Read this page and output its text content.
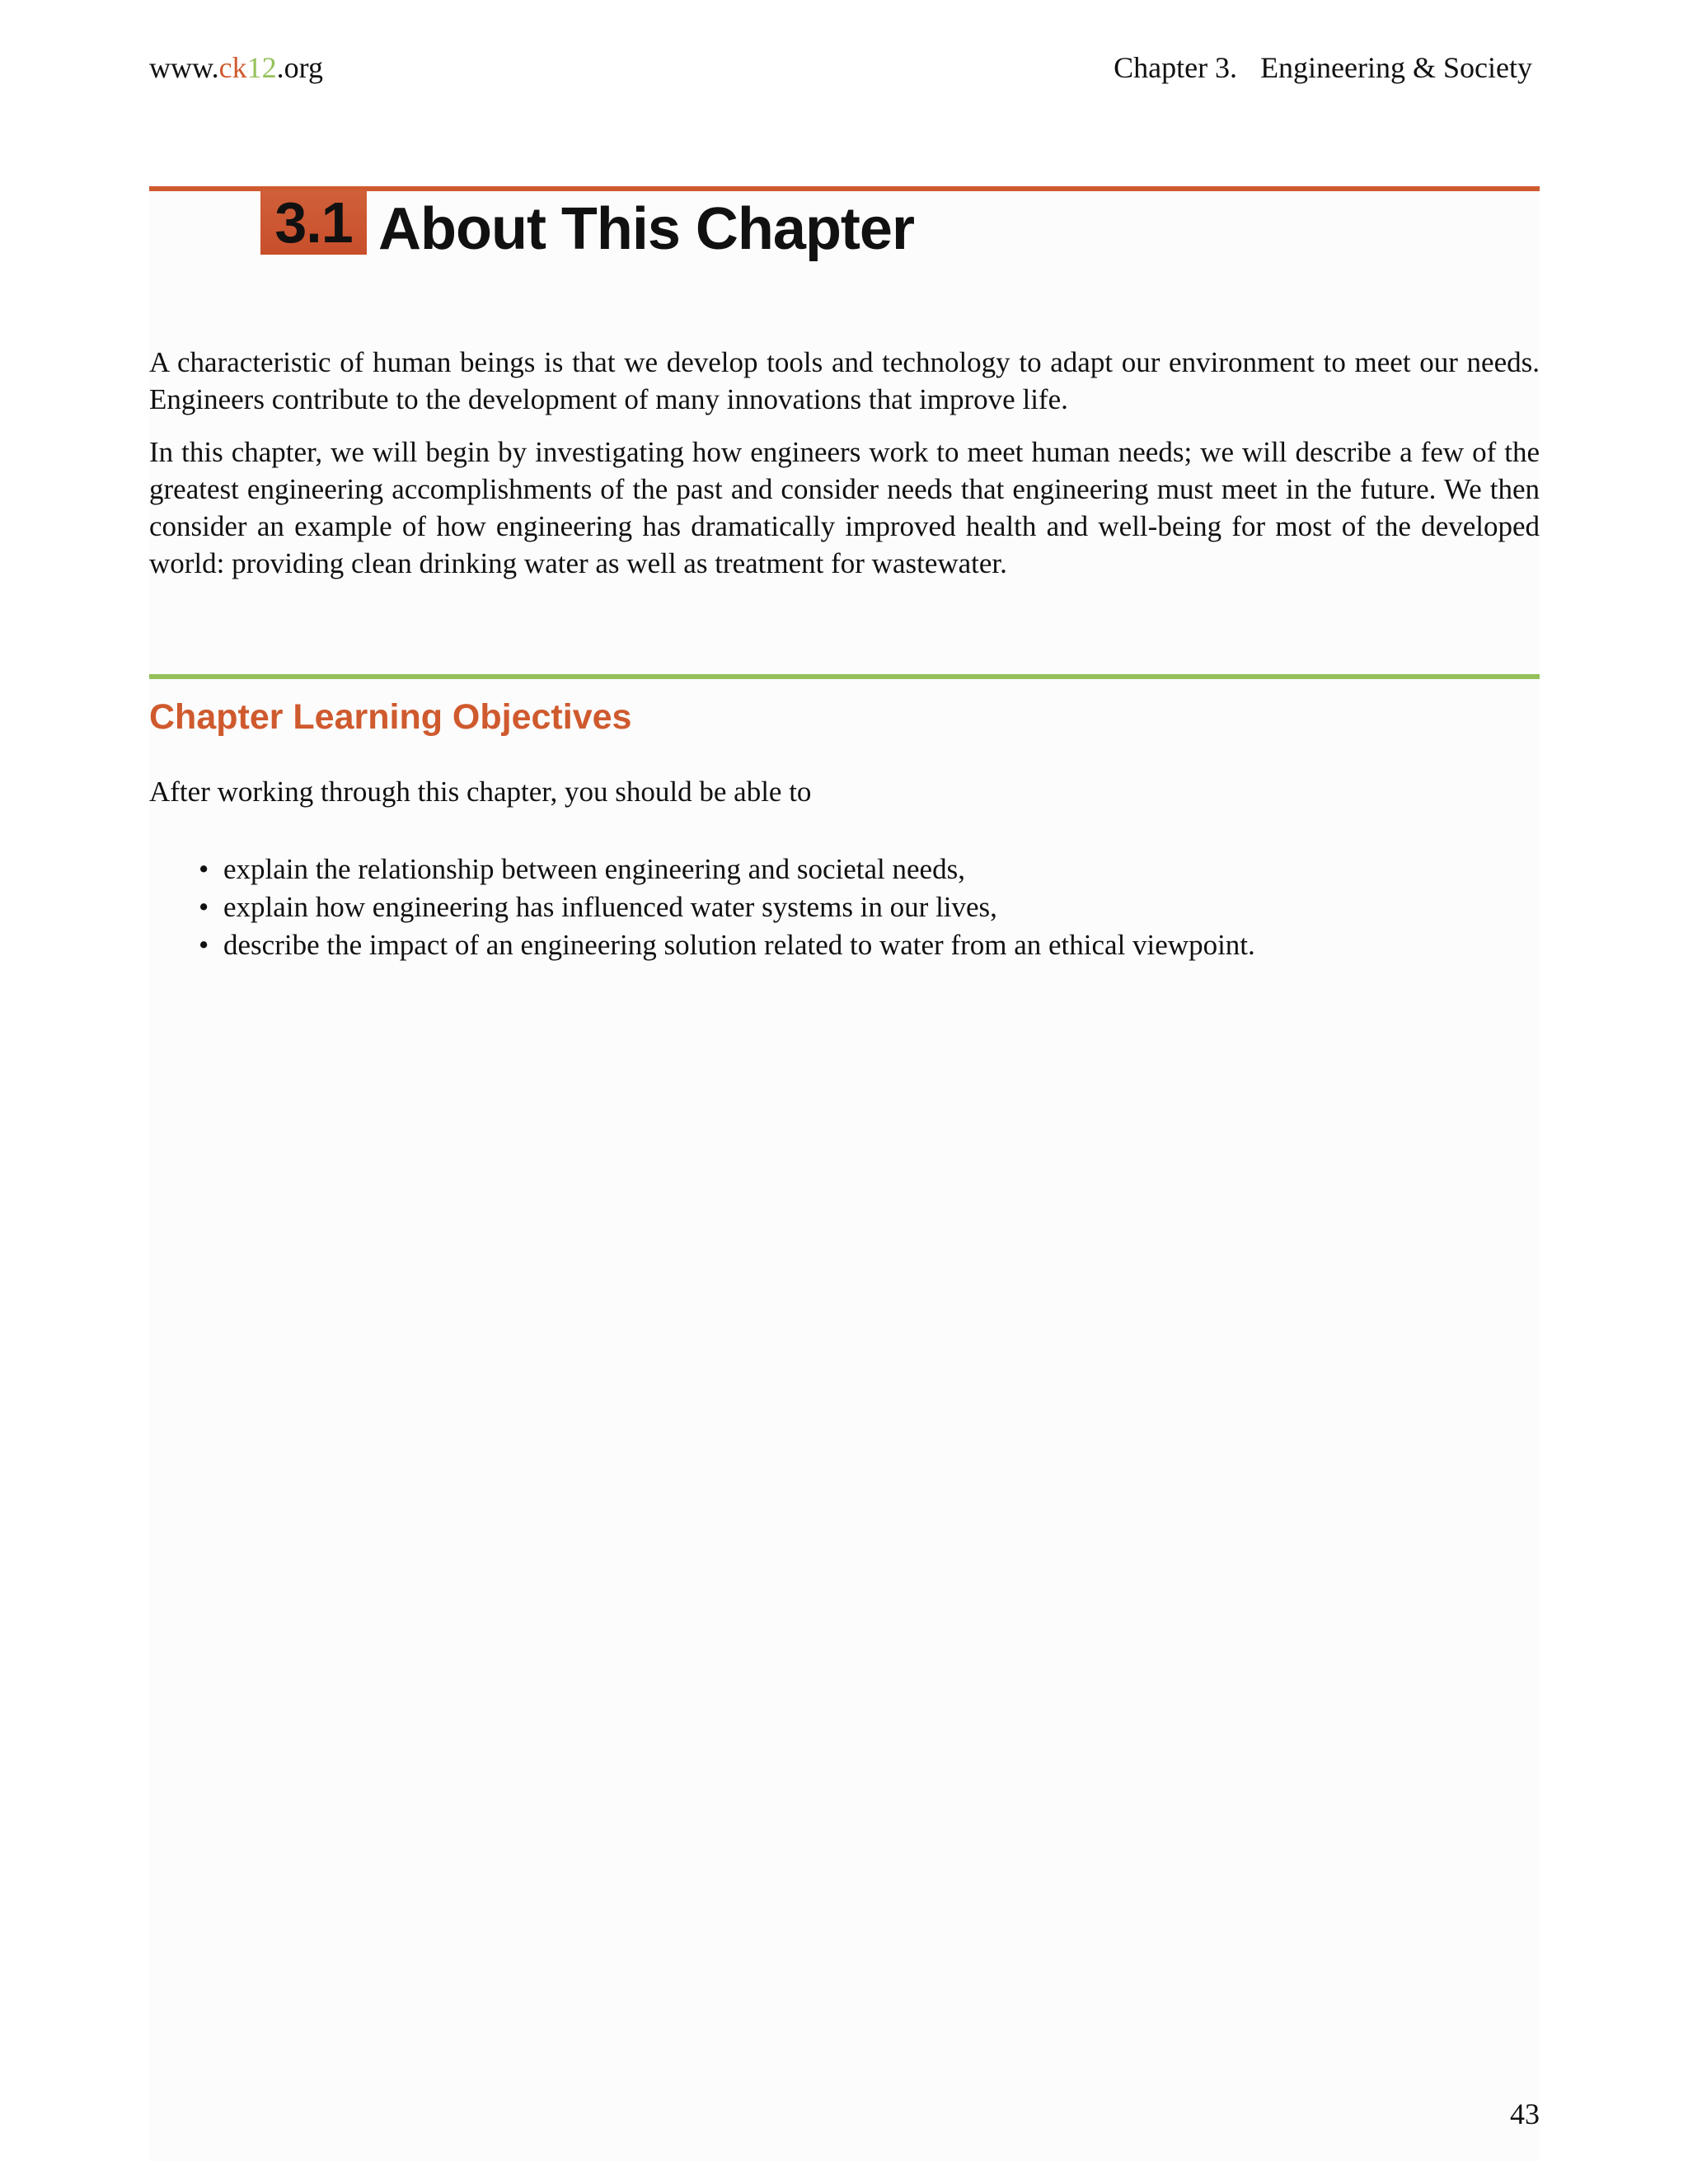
www.ck12.org	Chapter 3. Engineering & Society
3.1 About This Chapter

A characteristic of human beings is that we develop tools and technology to adapt our environment to meet our needs. Engineers contribute to the development of many innovations that improve life.

In this chapter, we will begin by investigating how engineers work to meet human needs; we will describe a few of the greatest engineering accomplishments of the past and consider needs that engineering must meet in the future. We then consider an example of how engineering has dramatically improved health and well-being for most of the developed world: providing clean drinking water as well as treatment for wastewater.

Chapter Learning Objectives
After working through this chapter, you should be able to
• explain the relationship between engineering and societal needs,
• explain how engineering has influenced water systems in our lives,
• describe the impact of an engineering solution related to water from an ethical viewpoint.
43
